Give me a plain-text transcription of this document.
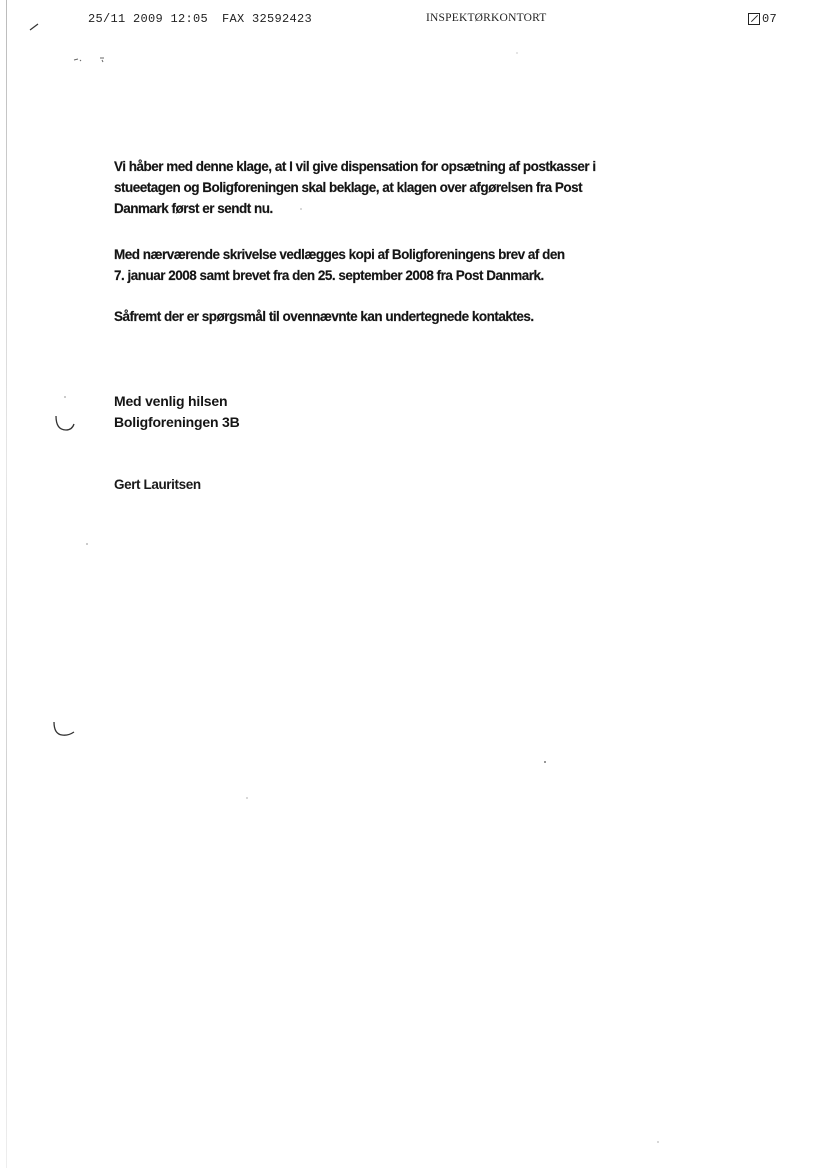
25/11 2009 12:05 FAX 32592423	INSPEKTØRKONTORT	07
Vi håber med denne klage, at I vil give dispensation for opsætning af postkasser i
stueetagen og Boligforeningen skal beklage, at klagen over afgørelsen fra Post
Danmark først er sendt nu.
Med nærværende skrivelse vedlægges kopi af Boligforeningens brev af den
7. januar 2008 samt brevet fra den 25. september 2008 fra Post Danmark.
Såfremt der er spørgsmål til ovennævnte kan undertegnede kontaktes.
Med venlig hilsen
Boligforeningen 3B
Gert Lauritsen
